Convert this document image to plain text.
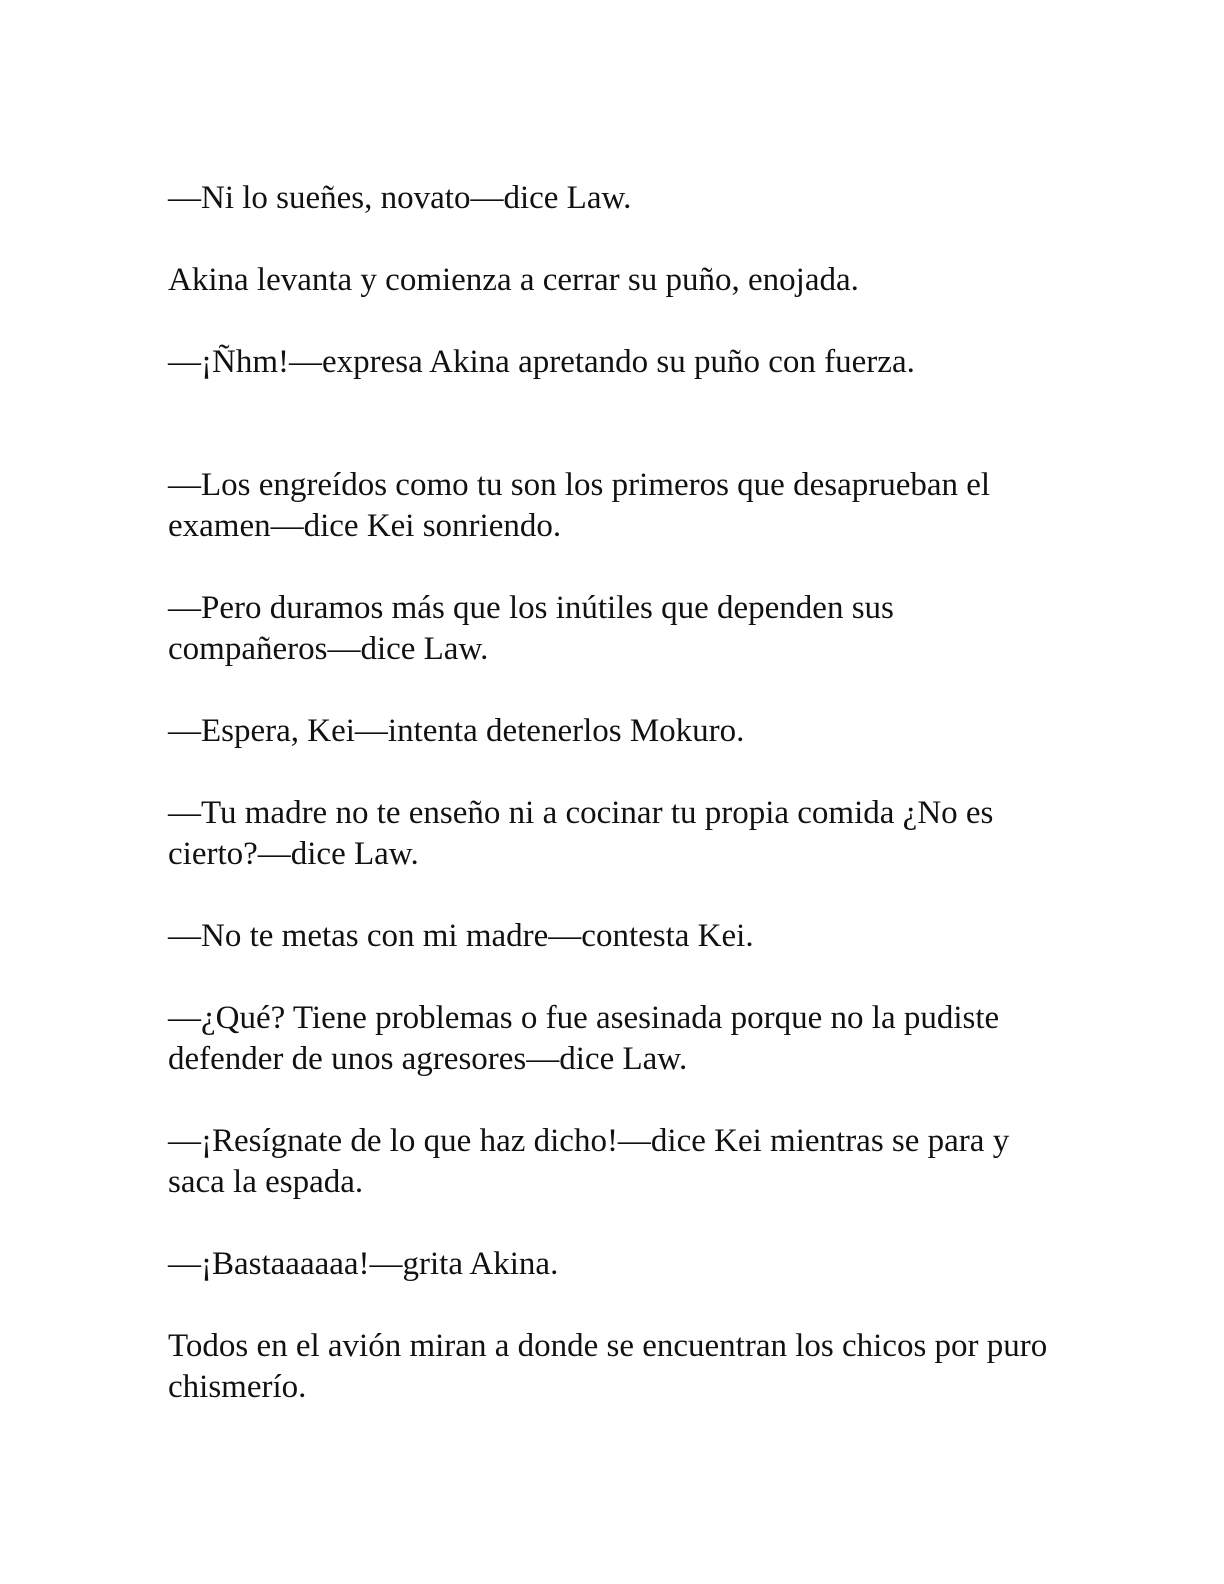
—Ni lo sueñes, novato—dice Law.

Akina levanta y comienza a cerrar su puño, enojada.

—¡Ñhm!—expresa Akina apretando su puño con fuerza.

—Los engreídos como tu son los primeros que desaprueban el examen—dice Kei sonriendo.

—Pero duramos más que los inútiles que dependen sus compañeros—dice Law.

—Espera, Kei—intenta detenerlos Mokuro.

—Tu madre no te enseño ni a cocinar tu propia comida ¿No es cierto?—dice Law.

—No te metas con mi madre—contesta Kei.

—¿Qué? Tiene problemas o fue asesinada porque no la pudiste defender de unos agresores—dice Law.

—¡Resígnate de lo que haz dicho!—dice Kei mientras se para y saca la espada.

—¡Bastaaaaaa!—grita Akina.

Todos en el avión miran a donde se encuentran los chicos por puro chismerío.
